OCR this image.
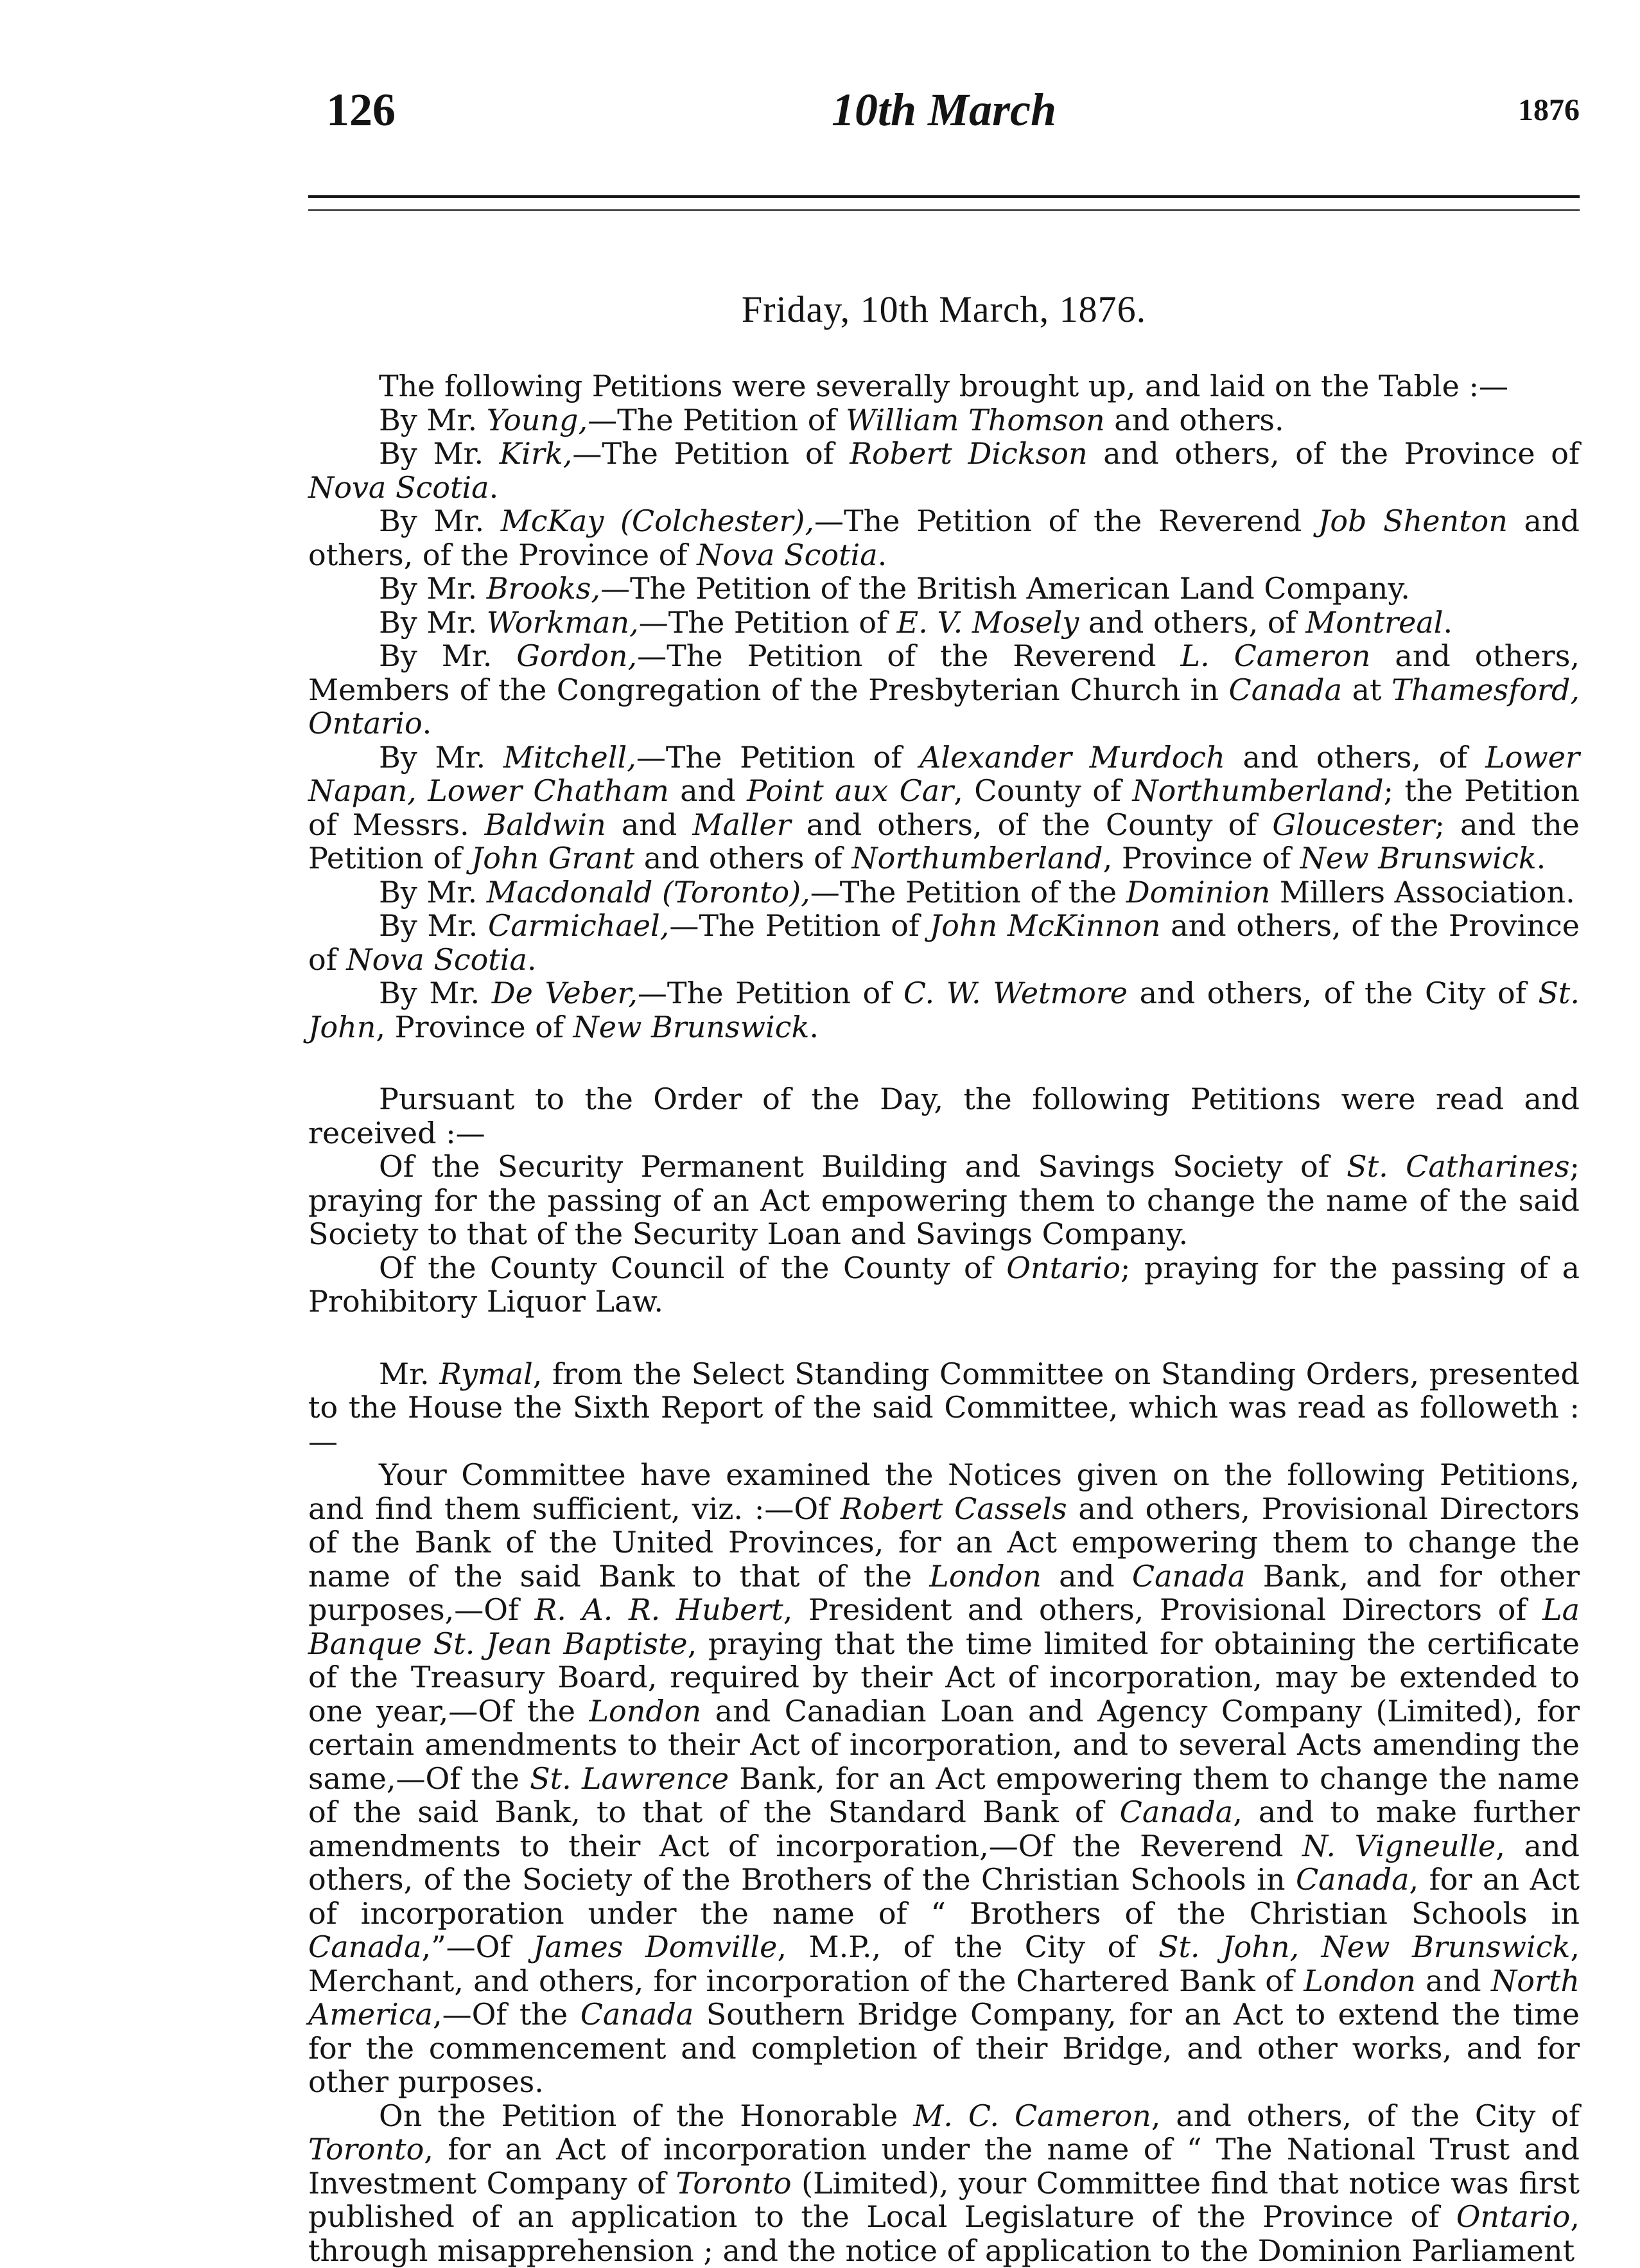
126	10th March	1876
Friday, 10th March, 1876.

The following Petitions were severally brought up, and laid on the Table :—

By Mr. Young,—The Petition of William Thomson and others.

By Mr. Kirk,—The Petition of Robert Dickson and others, of the Province of Nova Scotia.

By Mr. McKay (Colchester),—The Petition of the Reverend Job Shenton and others, of the Province of Nova Scotia.

By Mr. Brooks,—The Petition of the British American Land Company.

By Mr. Workman,—The Petition of E. V. Mosely and others, of Montreal.

By Mr. Gordon,—The Petition of the Reverend L. Cameron and others, Members of the Congregation of the Presbyterian Church in Canada at Thamesford, Ontario.

By Mr. Mitchell,—The Petition of Alexander Murdoch and others, of Lower Napan, Lower Chatham and Point aux Car, County of Northumberland; the Petition of Messrs. Baldwin and Maller and others, of the County of Gloucester; and the Petition of John Grant and others of Northumberland, Province of New Brunswick.

By Mr. Macdonald (Toronto),—The Petition of the Dominion Millers Association.

By Mr. Carmichael,—The Petition of John McKinnon and others, of the Province of Nova Scotia.

By Mr. De Veber,—The Petition of C. W. Wetmore and others, of the City of St. John, Province of New Brunswick.

Pursuant to the Order of the Day, the following Petitions were read and received :—

Of the Security Permanent Building and Savings Society of St. Catharines; praying for the passing of an Act empowering them to change the name of the said Society to that of the Security Loan and Savings Company.

Of the County Council of the County of Ontario; praying for the passing of a Prohibitory Liquor Law.

Mr. Rymal, from the Select Standing Committee on Standing Orders, presented to the House the Sixth Report of the said Committee, which was read as followeth :—

Your Committee have examined the Notices given on the following Petitions, and find them sufficient, viz. :—Of Robert Cassels and others, Provisional Directors of the Bank of the United Provinces, for an Act empowering them to change the name of the said Bank to that of the London and Canada Bank, and for other purposes,—Of R. A. R. Hubert, President and others, Provisional Directors of La Banque St. Jean Baptiste, praying that the time limited for obtaining the certificate of the Treasury Board, required by their Act of incorporation, may be extended to one year,—Of the London and Canadian Loan and Agency Company (Limited), for certain amendments to their Act of incorporation, and to several Acts amending the same,—Of the St. Lawrence Bank, for an Act empowering them to change the name of the said Bank, to that of the Standard Bank of Canada, and to make further amendments to their Act of incorporation,—Of the Reverend N. Vigneulle, and others, of the Society of the Brothers of the Christian Schools in Canada, for an Act of incorporation under the name of “ Brothers of the Christian Schools in Canada,”—Of James Domville, M.P., of the City of St. John, New Brunswick, Merchant, and others, for incorporation of the Chartered Bank of London and North America,—Of the Canada Southern Bridge Company, for an Act to extend the time for the commencement and completion of their Bridge, and other works, and for other purposes.

On the Petition of the Honorable M. C. Cameron, and others, of the City of Toronto, for an Act of incorporation under the name of “ The National Trust and Investment Company of Toronto (Limited), your Committee find that notice was first published of an application to the Local Legislature of the Province of Ontario, through misapprehension ; and the notice of application to the Dominion Parliament
